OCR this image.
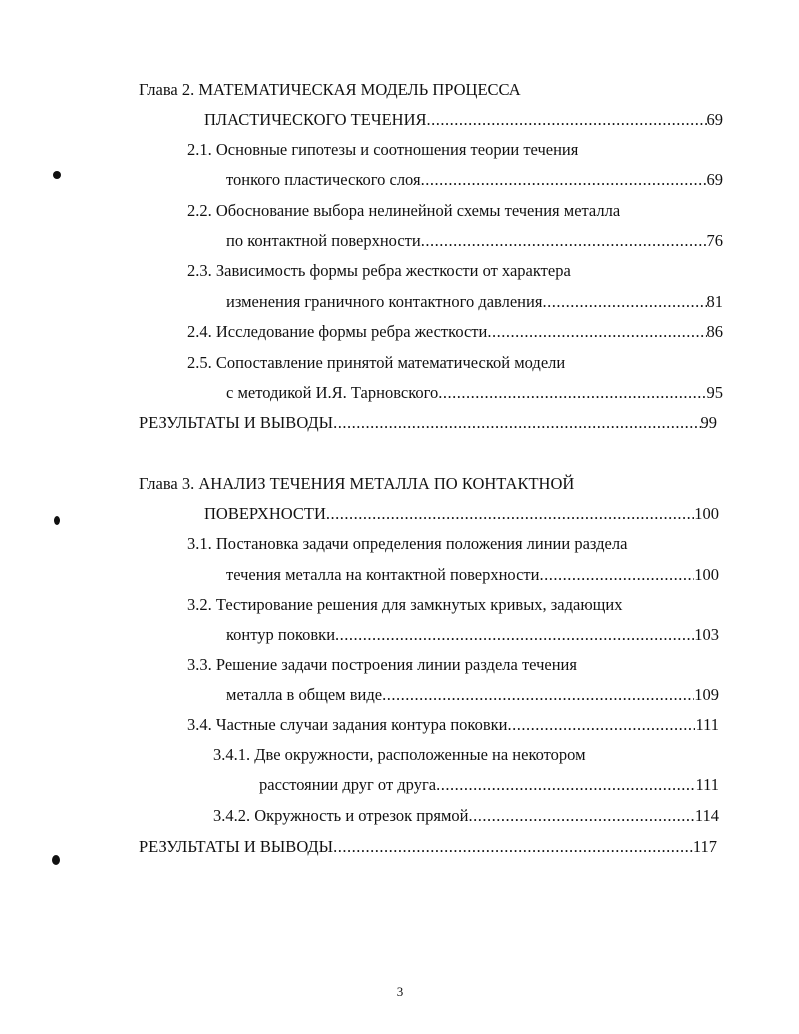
Глава 2. МАТЕМАТИЧЕСКАЯ МОДЕЛЬ ПРОЦЕССА
ПЛАСТИЧЕСКОГО ТЕЧЕНИЯ .....	69
2.1. Основные гипотезы и соотношения теории течения
тонкого пластического слоя .....	69
2.2. Обоснование выбора нелинейной схемы течения металла
по контактной поверхности .....	76
2.3. Зависимость формы ребра жесткости от характера
изменения граничного контактного давления .....	81
2.4. Исследование формы ребра жесткости .....	86
2.5. Сопоставление принятой математической модели
с методикой И.Я. Тарновского .....	95
РЕЗУЛЬТАТЫ И ВЫВОДЫ .....	99
Глава 3. АНАЛИЗ ТЕЧЕНИЯ МЕТАЛЛА ПО КОНТАКТНОЙ
ПОВЕРХНОСТИ .....	100
3.1. Постановка задачи определения положения линии раздела
течения металла на контактной поверхности .....	100
3.2. Тестирование решения для замкнутых кривых, задающих
контур поковки .....	103
3.3. Решение задачи построения линии раздела течения
металла в общем виде .....	109
3.4. Частные случаи задания контура поковки .....	111
3.4.1. Две окружности, расположенные на некотором
расстоянии друг от друга .....	111
3.4.2. Окружность и отрезок прямой .....	114
РЕЗУЛЬТАТЫ И ВЫВОДЫ .....	117
3
